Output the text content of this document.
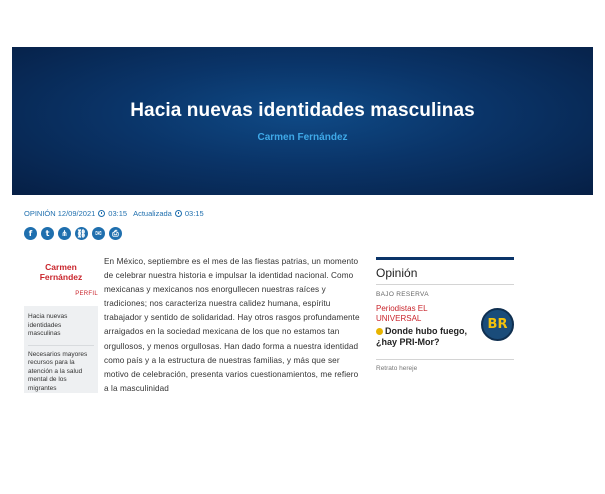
Hacia nuevas identidades masculinas
Carmen Fernández
OPINIÓN 12/09/2021 03:15 Actualizada 03:15
f	t	⋔	⛓	✉	⎙
Carmen Fernández
PERFIL
Hacia nuevas identidades masculinas
Necesarios mayores recursos para la atención a la salud mental de los migrantes
En México, septiembre es el mes de las fiestas patrias, un momento de celebrar nuestra historia e impulsar la identidad nacional. Como mexicanas y mexicanos nos enorgullecen nuestras raíces y tradiciones; nos caracteriza nuestra calidez humana, espíritu trabajador y sentido de solidaridad. Hay otros rasgos profundamente arraigados en la sociedad mexicana de los que no estamos tan orgullosos, y menos orgullosas. Han dado forma a nuestra identidad como país y a la estructura de nuestras familias, y más que ser motivo de celebración, presenta varios cuestionamientos, me refiero a la masculinidad
Opinión
BAJO RESERVA
Periodistas EL UNIVERSAL
Donde hubo fuego, ¿hay PRI-Mor?
BR
Retrato hereje
